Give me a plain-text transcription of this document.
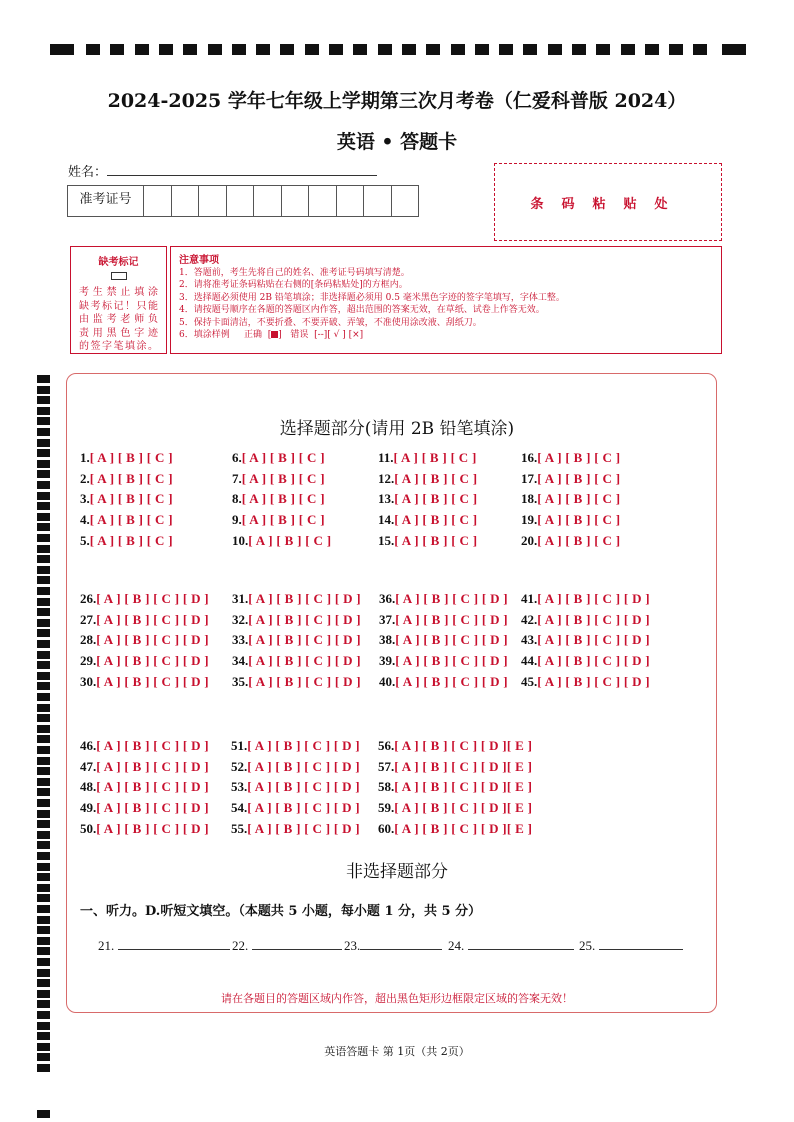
2024-2025 学年七年级上学期第三次月考卷（仁爱科普版 2024）
英语 • 答题卡
姓名：
准考证号	条码粘贴处
缺考标记
考生禁止填涂
缺考标记！只能
由监考老师负
责用黑色字迹
的签字笔填涂。
注意事项
1．答题前，考生先将自己的姓名、准考证号码填写清楚。
2．请将准考证条码粘贴在右侧的[条码粘贴处]的方框内。
3．选择题必须使用 2B 铅笔填涂；非选择题必须用 0.5 毫米黑色字迹的签字笔填写，字体工整。
4．请按题号顺序在各题的答题区内作答，超出范围的答案无效，在草纸、试卷上作答无效。
5．保持卡面清洁，不要折叠、不要弄破、弄皱，不准使用涂改液、刮纸刀。
6．填涂样例 正确  [ ]   错误 [--][ √ ] [×]
选择题部分(请用 2B 铅笔填涂)
1.[ A ] [ B ] [ C ]
2.[ A ] [ B ] [ C ]
3.[ A ] [ B ] [ C ]
4.[ A ] [ B ] [ C ]
5.[ A ] [ B ] [ C ]
6.[ A ] [ B ] [ C ]
7.[ A ] [ B ] [ C ]
8.[ A ] [ B ] [ C ]
9.[ A ] [ B ] [ C ]
10.[ A ] [ B ] [ C ]
11.[ A ] [ B ] [ C ]
12.[ A ] [ B ] [ C ]
13.[ A ] [ B ] [ C ]
14.[ A ] [ B ] [ C ]
15.[ A ] [ B ] [ C ]
16.[ A ] [ B ] [ C ]
17.[ A ] [ B ] [ C ]
18.[ A ] [ B ] [ C ]
19.[ A ] [ B ] [ C ]
20.[ A ] [ B ] [ C ]
26.[ A ] [ B ] [ C ] [ D ]
27.[ A ] [ B ] [ C ] [ D ]
28.[ A ] [ B ] [ C ] [ D ]
29.[ A ] [ B ] [ C ] [ D ]
30.[ A ] [ B ] [ C ] [ D ]
31.[ A ] [ B ] [ C ] [ D ]
32.[ A ] [ B ] [ C ] [ D ]
33.[ A ] [ B ] [ C ] [ D ]
34.[ A ] [ B ] [ C ] [ D ]
35.[ A ] [ B ] [ C ] [ D ]
36.[ A ] [ B ] [ C ] [ D ]
37.[ A ] [ B ] [ C ] [ D ]
38.[ A ] [ B ] [ C ] [ D ]
39.[ A ] [ B ] [ C ] [ D ]
40.[ A ] [ B ] [ C ] [ D ]
41.[ A ] [ B ] [ C ] [ D ]
42.[ A ] [ B ] [ C ] [ D ]
43.[ A ] [ B ] [ C ] [ D ]
44.[ A ] [ B ] [ C ] [ D ]
45.[ A ] [ B ] [ C ] [ D ]
46.[ A ] [ B ] [ C ] [ D ]
47.[ A ] [ B ] [ C ] [ D ]
48.[ A ] [ B ] [ C ] [ D ]
49.[ A ] [ B ] [ C ] [ D ]
50.[ A ] [ B ] [ C ] [ D ]
51.[ A ] [ B ] [ C ] [ D ]
52.[ A ] [ B ] [ C ] [ D ]
53.[ A ] [ B ] [ C ] [ D ]
54.[ A ] [ B ] [ C ] [ D ]
55.[ A ] [ B ] [ C ] [ D ]
56.[ A ] [ B ] [ C ] [ D ][ E ]
57.[ A ] [ B ] [ C ] [ D ][ E ]
58.[ A ] [ B ] [ C ] [ D ][ E ]
59.[ A ] [ B ] [ C ] [ D ][ E ]
60.[ A ] [ B ] [ C ] [ D ][ E ]
非选择题部分
一、听力。D.听短文填空。（本题共 5 小题，每小题 1 分，共 5 分）
21.	22.	23.	24.	25.
请在各题目的答题区域内作答，超出黑色矩形边框限定区域的答案无效！
英语答题卡 第 1页（共 2页）
